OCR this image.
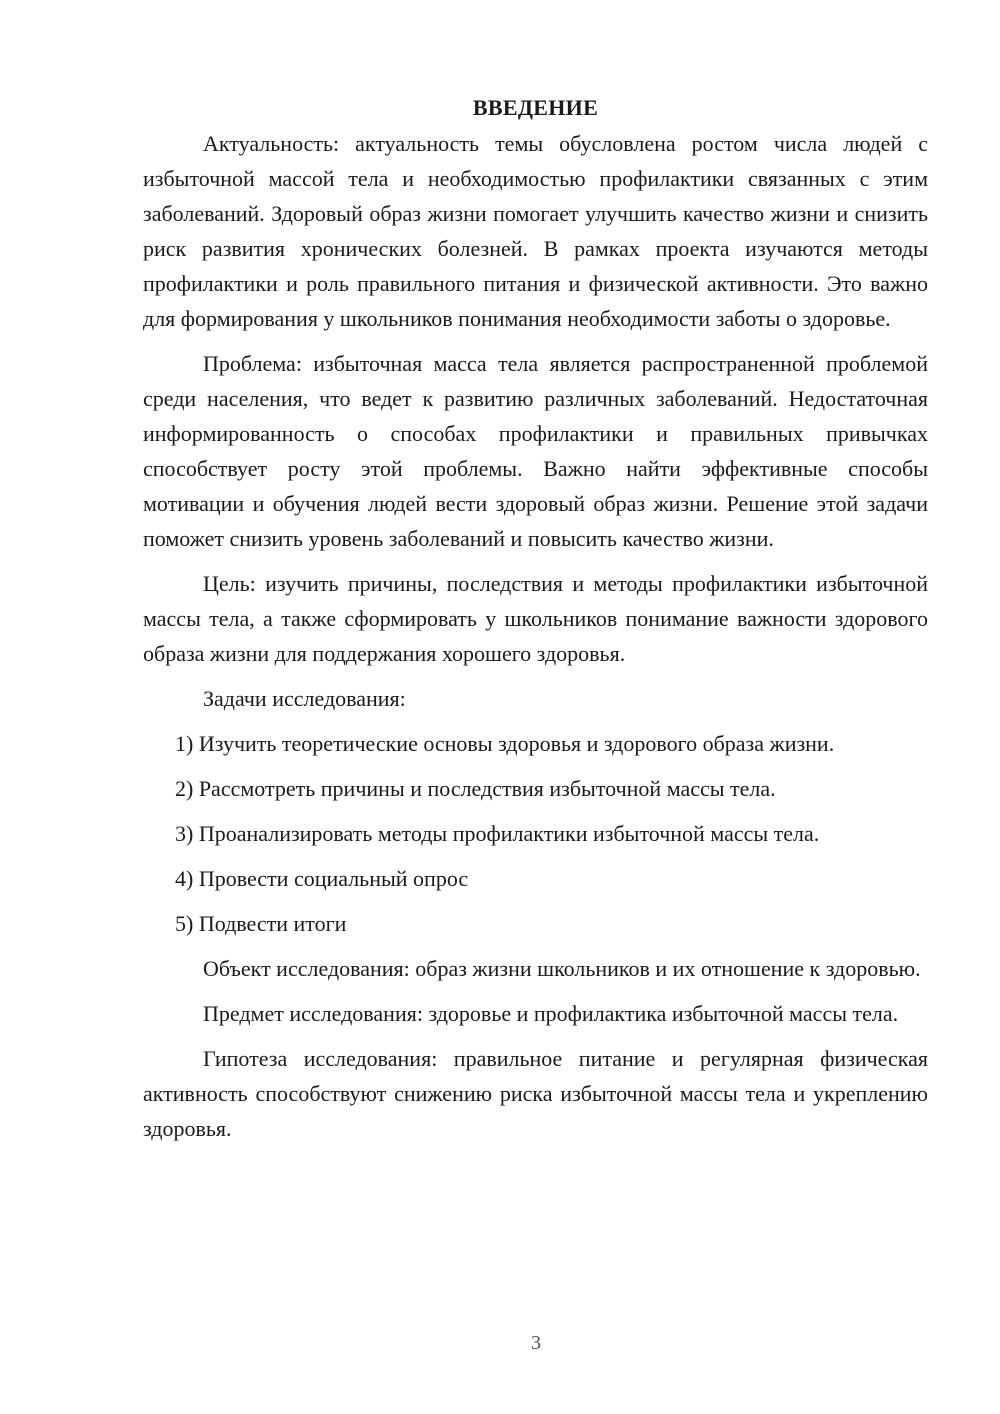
ВВЕДЕНИЕ

Актуальность: актуальность темы обусловлена ростом числа людей с избыточной массой тела и необходимостью профилактики связанных с этим заболеваний. Здоровый образ жизни помогает улучшить качество жизни и снизить риск развития хронических болезней. В рамках проекта изучаются методы профилактики и роль правильного питания и физической активности. Это важно для формирования у школьников понимания необходимости заботы о здоровье.

Проблема: избыточная масса тела является распространенной проблемой среди населения, что ведет к развитию различных заболеваний. Недостаточная информированность о способах профилактики и правильных привычках способствует росту этой проблемы. Важно найти эффективные способы мотивации и обучения людей вести здоровый образ жизни. Решение этой задачи поможет снизить уровень заболеваний и повысить качество жизни.

Цель: изучить причины, последствия и методы профилактики избыточной массы тела, а также сформировать у школьников понимание важности здорового образа жизни для поддержания хорошего здоровья.

Задачи исследования:

1) Изучить теоретические основы здоровья и здорового образа жизни.
2) Рассмотреть причины и последствия избыточной массы тела.
3) Проанализировать методы профилактики избыточной массы тела.
4) Провести социальный опрос
5) Подвести итоги

Объект исследования: образ жизни школьников и их отношение к здоровью.

Предмет исследования: здоровье и профилактика избыточной массы тела.

Гипотеза исследования: правильное питание и регулярная физическая активность способствуют снижению риска избыточной массы тела и укреплению здоровья.

3
